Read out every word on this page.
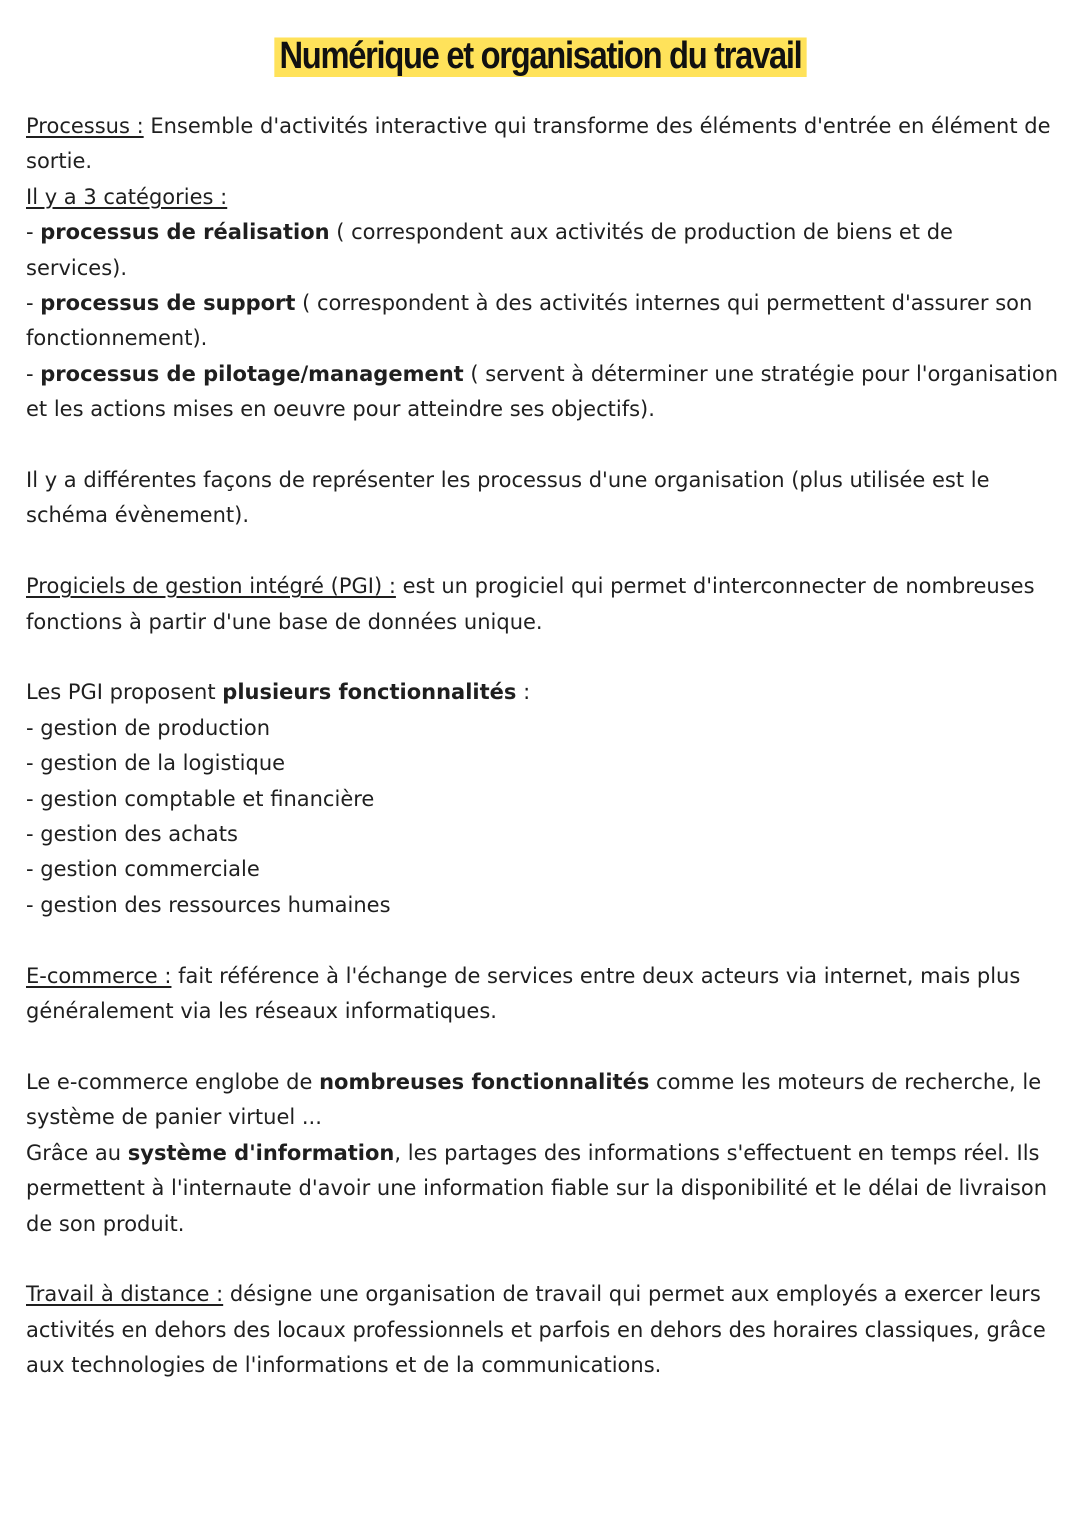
Numérique et organisation du travail

Processus : Ensemble d'activités interactive qui transforme des éléments d'entrée en élément de sortie.

Il y a 3 catégories :

- processus de réalisation ( correspondent aux activités de production de biens et de services).

- processus de support ( correspondent à des activités internes qui permettent d'assurer son fonctionnement).

- processus de pilotage/management ( servent à déterminer une stratégie pour l'organisation et les actions mises en oeuvre pour atteindre ses objectifs).

Il y a différentes façons de représenter les processus d'une organisation (plus utilisée est le schéma évènement).

Progiciels de gestion intégré (PGI) : est un progiciel qui permet d'interconnecter de nombreuses fonctions à partir d'une base de données unique.

Les PGI proposent plusieurs fonctionnalités :

- gestion de production

- gestion de la logistique

- gestion comptable et financière

- gestion des achats

- gestion commerciale

- gestion des ressources humaines

E-commerce : fait référence à l'échange de services entre deux acteurs via internet, mais plus généralement via les réseaux informatiques.

Le e-commerce englobe de nombreuses fonctionnalités comme les moteurs de recherche, le système de panier virtuel ...

Grâce au système d'information, les partages des informations s'effectuent en temps réel. Ils permettent à l'internaute d'avoir une information fiable sur la disponibilité et le délai de livraison de son produit.

Travail à distance : désigne une organisation de travail qui permet aux employés a exercer leurs activités en dehors des locaux professionnels et parfois en dehors des horaires classiques, grâce aux technologies de l'informations et de la communications.
